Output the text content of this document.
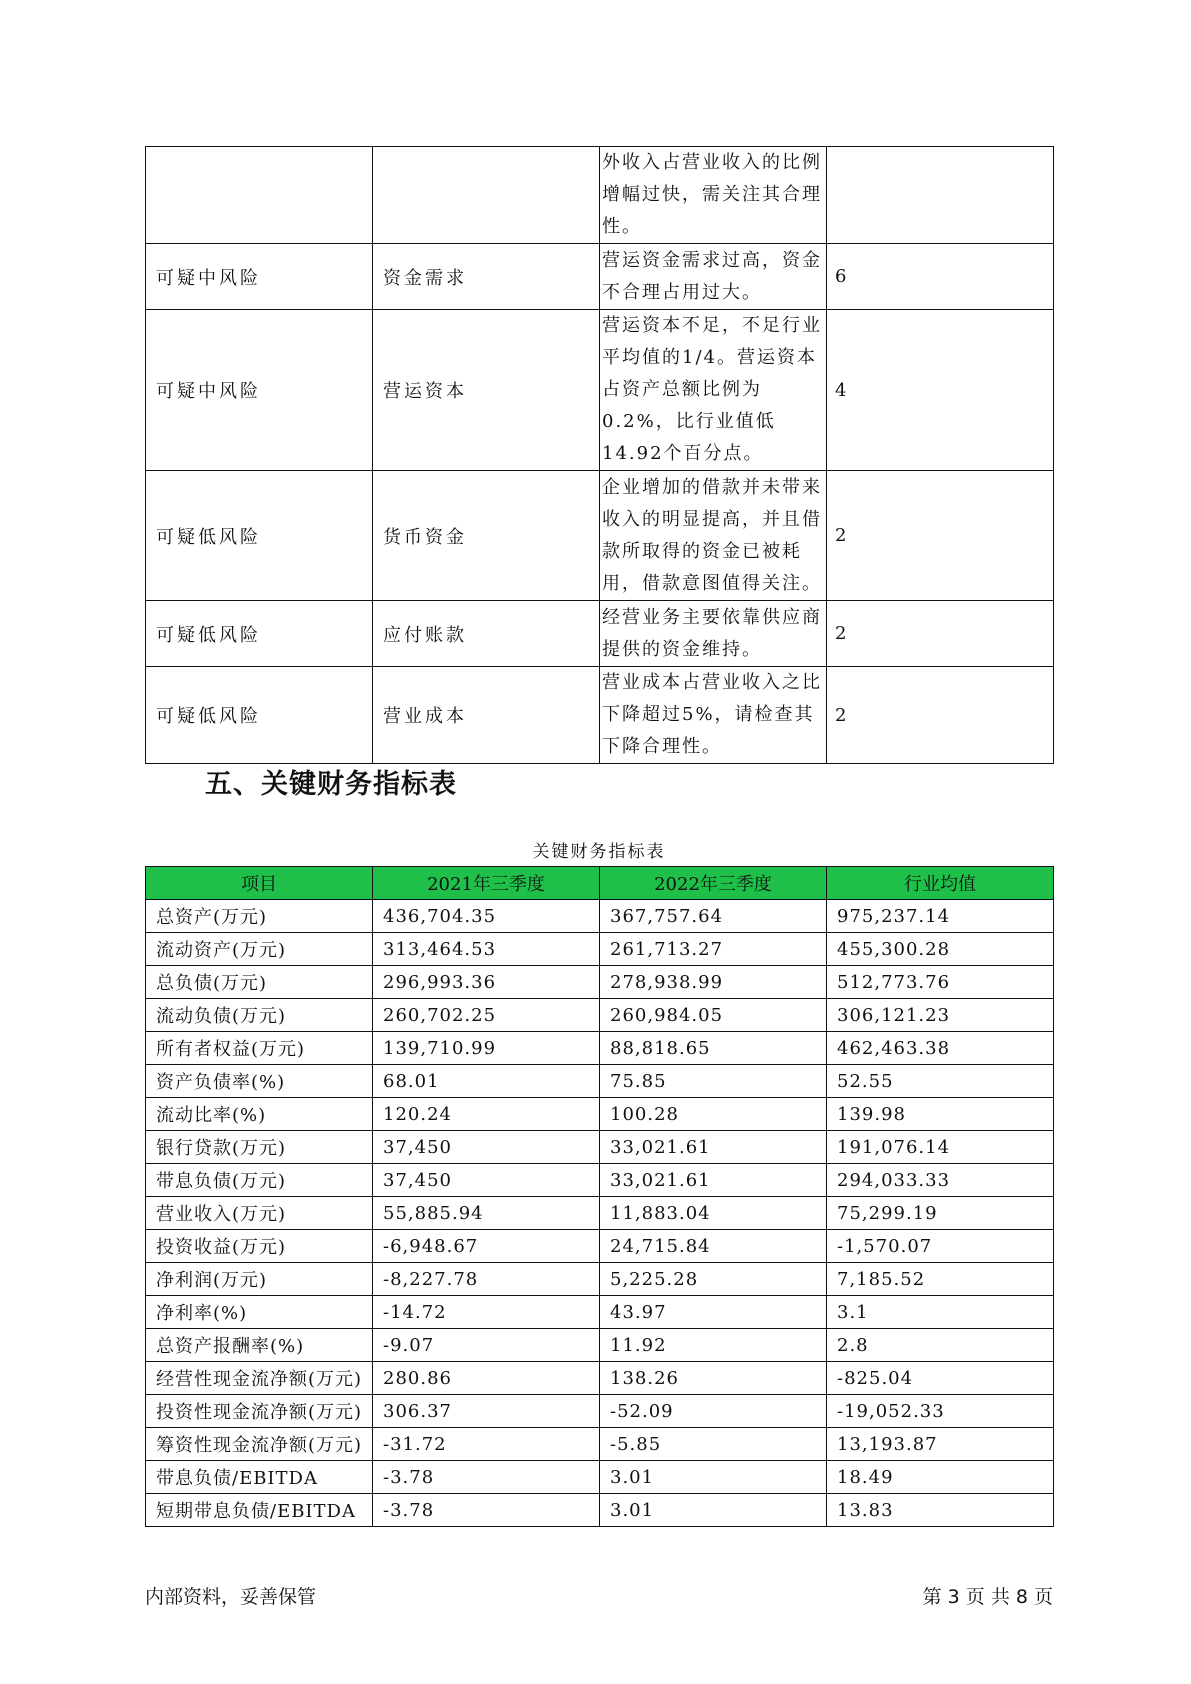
		外收入占营业收入的比例增幅过快，需关注其合理性。	
可疑中风险	资金需求	营运资金需求过高，资金不合理占用过大。	6
可疑中风险	营运资本	营运资本不足，不足行业平均值的1/4。营运资本占资产总额比例为0.2%，比行业值低14.92个百分点。	4
可疑低风险	货币资金	企业增加的借款并未带来收入的明显提高，并且借款所取得的资金已被耗用，借款意图值得关注。	2
可疑低风险	应付账款	经营业务主要依靠供应商提供的资金维持。	2
可疑低风险	营业成本	营业成本占营业收入之比下降超过5%，请检查其下降合理性。	2
五、关键财务指标表
关键财务指标表
项目	2021年三季度	2022年三季度	行业均值
总资产(万元)	436,704.35	367,757.64	975,237.14
流动资产(万元)	313,464.53	261,713.27	455,300.28
总负债(万元)	296,993.36	278,938.99	512,773.76
流动负债(万元)	260,702.25	260,984.05	306,121.23
所有者权益(万元)	139,710.99	88,818.65	462,463.38
资产负债率(%)	68.01	75.85	52.55
流动比率(%)	120.24	100.28	139.98
银行贷款(万元)	37,450	33,021.61	191,076.14
带息负债(万元)	37,450	33,021.61	294,033.33
营业收入(万元)	55,885.94	11,883.04	75,299.19
投资收益(万元)	-6,948.67	24,715.84	-1,570.07
净利润(万元)	-8,227.78	5,225.28	7,185.52
净利率(%)	-14.72	43.97	3.1
总资产报酬率(%)	-9.07	11.92	2.8
经营性现金流净额(万元)	280.86	138.26	-825.04
投资性现金流净额(万元)	306.37	-52.09	-19,052.33
筹资性现金流净额(万元)	-31.72	-5.85	13,193.87
带息负债/EBITDA	-3.78	3.01	18.49
短期带息负债/EBITDA	-3.78	3.01	13.83
内部资料，妥善保管	第 3 页 共 8 页
